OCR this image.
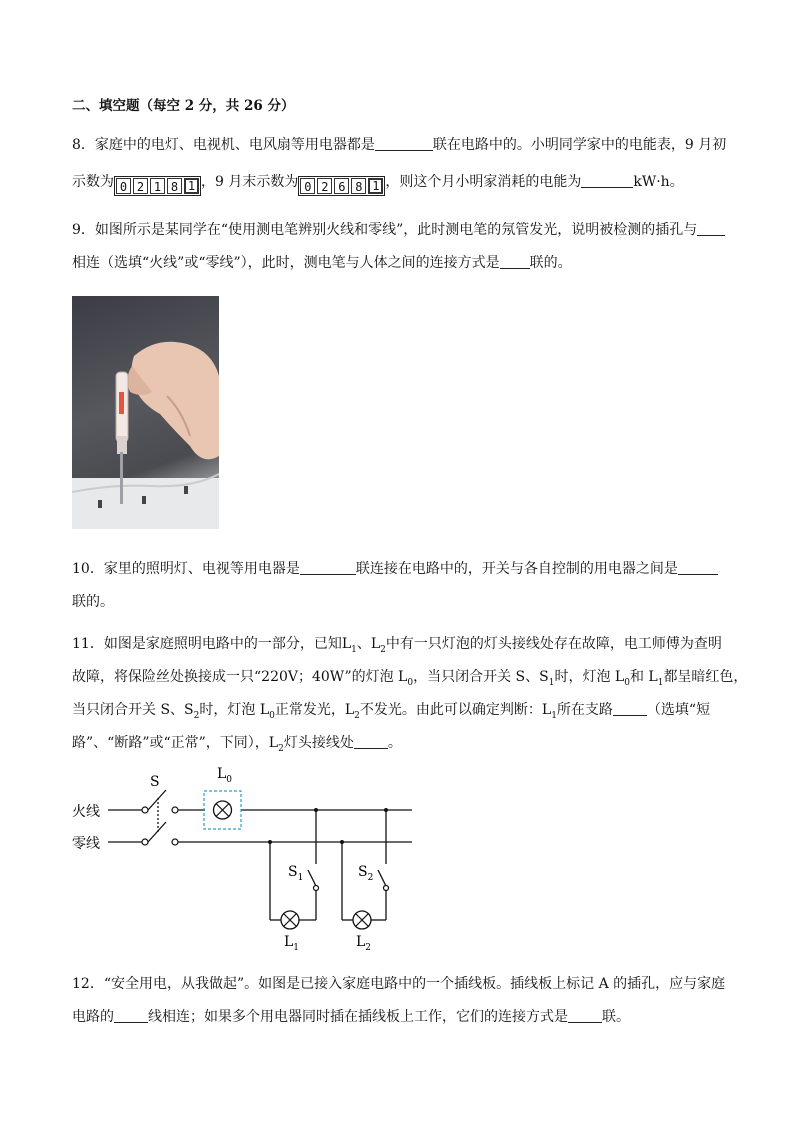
二、填空题（每空 2 分，共 26 分）
8．家庭中的电灯、电视机、电风扇等用电器都是	联在电路中的。小明同学家中的电能表，9 月初
示数为 0 2 1 8 1 ，9 月末示数为 0 2 6 8 1 ，则这个月小明家消耗的电能为	kW·h。
9．如图所示是某同学在“使用测电笔辨别火线和零线”，此时测电笔的氖管发光，说明被检测的插孔与
相连（选填“火线”或“零线”），此时，测电笔与人体之间的连接方式是 联的。
10．家里的照明灯、电视等用电器是	联连接在电路中的，开关与各自控制的用电器之间是
联的。
11．如图是家庭照明电路中的一部分，已知$L_1$、$L_2$中有一只灯泡的灯头接线处存在故障，电工师傅为查明
故障，将保险丝处换接成一只“220V；40W”的灯泡 $L_0$，当只闭合开关 S、$S_1$时，灯泡 $L_0$和 $L_1$都呈暗红色，
当只闭合开关 S、$S_2$时，灯泡 $L_0$正常发光，$L_2$不发光。由此可以确定判断：$L_1$所在支路 （选填“短
路”、“断路”或“正常”，下同），$L_2$灯头接线处 。
火线
零线
S	$L_0$
$S_1$	$S_2$
$L_1$	$L_2$
12．“安全用电，从我做起”。如图是已接入家庭电路中的一个插线板。插线板上标记 A 的插孔，应与家庭
电路的 线相连；如果多个用电器同时插在插线板上工作，它们的连接方式是 联。
